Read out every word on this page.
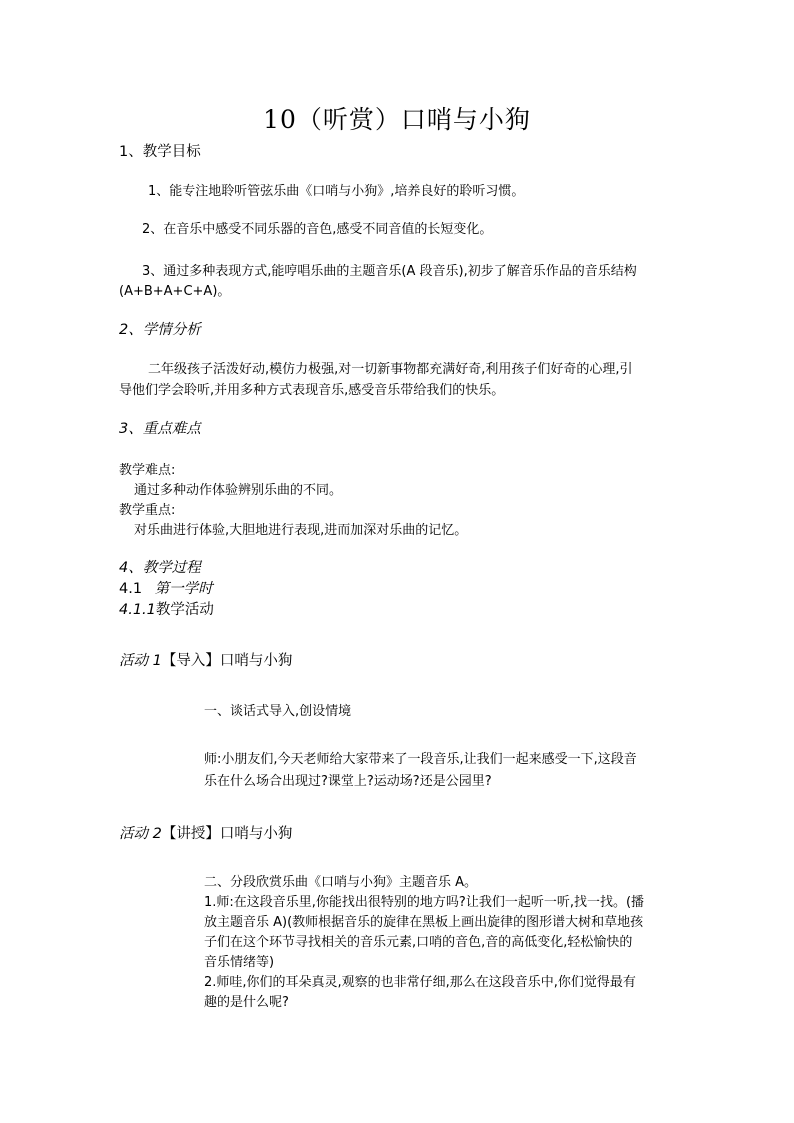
10（听赏）口哨与小狗
1、教学目标
1、能专注地聆听管弦乐曲《口哨与小狗》,培养良好的聆听习惯。
2、在音乐中感受不同乐器的音色,感受不同音值的长短变化。
3、通过多种表现方式,能哼唱乐曲的主题音乐(A 段音乐),初步了解音乐作品的音乐结构
(A+B+A+C+A)。
2、学情分析
二年级孩子活泼好动,模仿力极强,对一切新事物都充满好奇,利用孩子们好奇的心理,引
导他们学会聆听,并用多种方式表现音乐,感受音乐带给我们的快乐。
3、重点难点
教学难点:
通过多种动作体验辨别乐曲的不同。
教学重点:
对乐曲进行体验,大胆地进行表现,进而加深对乐曲的记忆。
4、教学过程
4.1 第一学时
4.1.1教学活动
活动 1【导入】口哨与小狗
一、谈话式导入,创设情境
师:小朋友们,今天老师给大家带来了一段音乐,让我们一起来感受一下,这段音
乐在什么场合出现过?课堂上?运动场?还是公园里?
活动 2【讲授】口哨与小狗
二、分段欣赏乐曲《口哨与小狗》主题音乐 A。
1.师:在这段音乐里,你能找出很特别的地方吗?让我们一起听一听,找一找。(播
放主题音乐 A)(教师根据音乐的旋律在黑板上画出旋律的图形谱大树和草地孩
子们在这个环节寻找相关的音乐元素,口哨的音色,音的高低变化,轻松愉快的
音乐情绪等)
2.师哇,你们的耳朵真灵,观察的也非常仔细,那么在这段音乐中,你们觉得最有
趣的是什么呢?
